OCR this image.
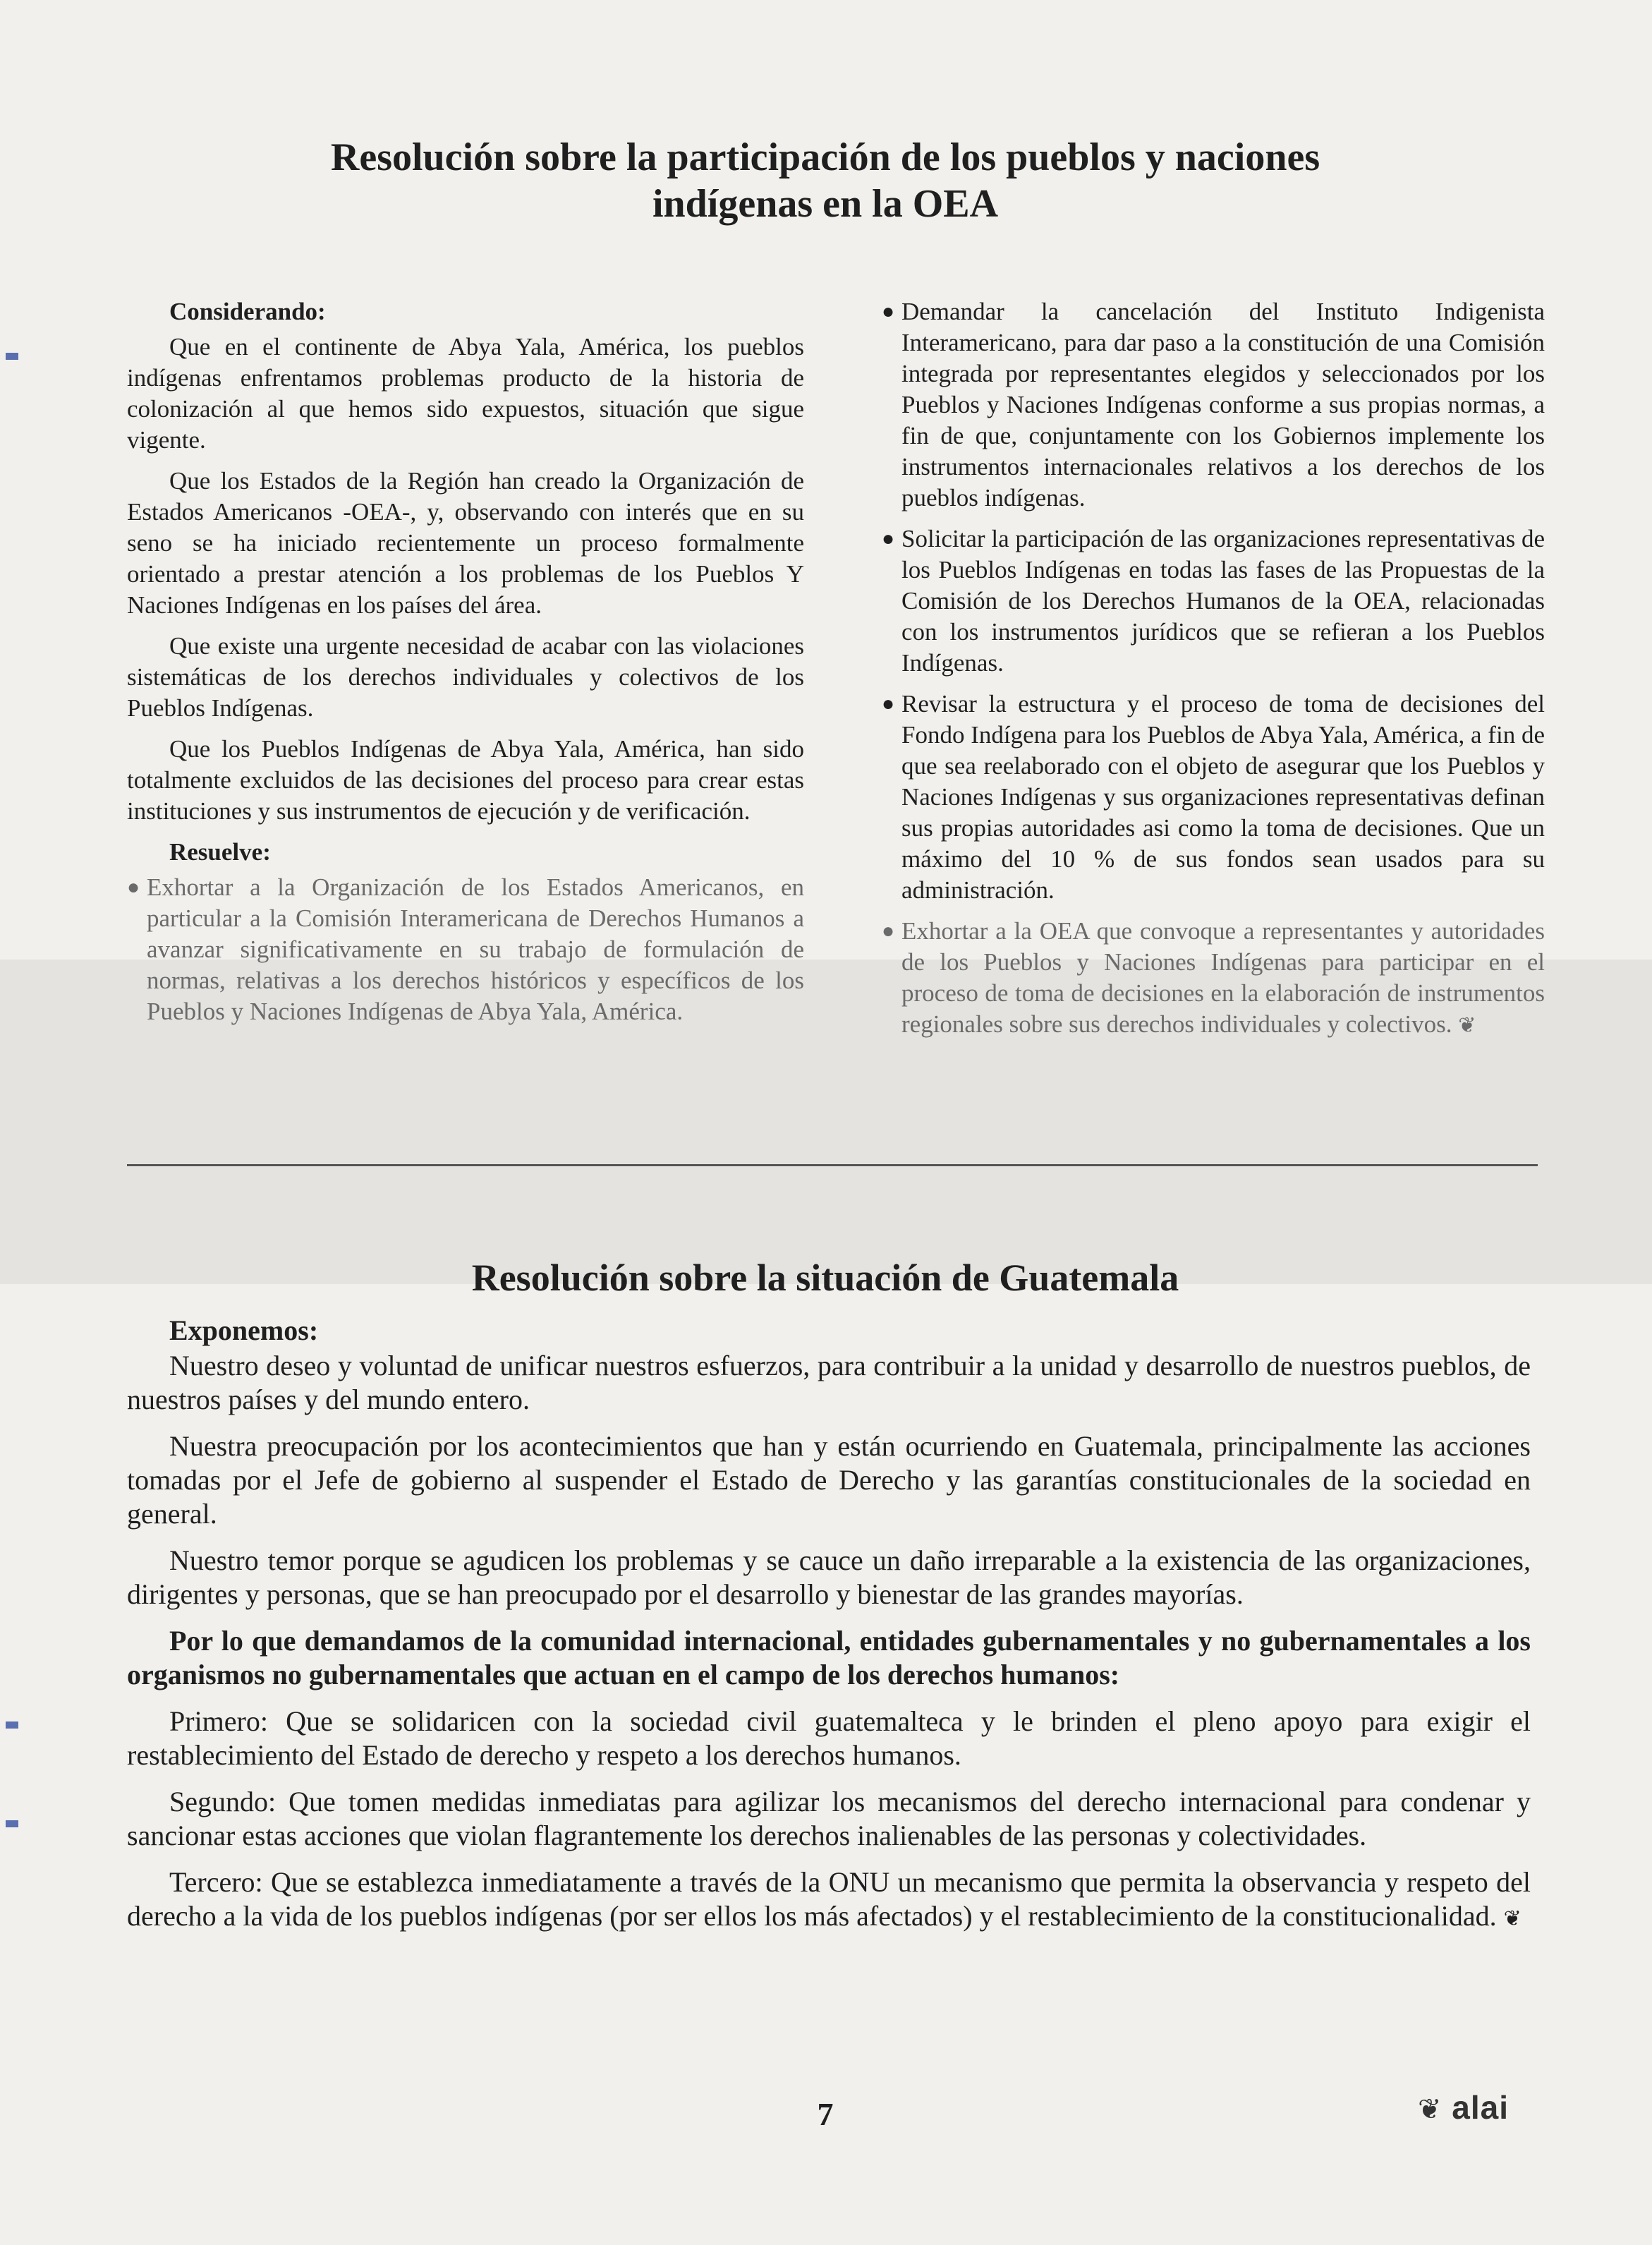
Resolución sobre la participación de los pueblos y naciones indígenas en la OEA
Considerando:

Que en el continente de Abya Yala, América, los pueblos indígenas enfrentamos problemas producto de la historia de colonización al que hemos sido expuestos, situación que sigue vigente.

Que los Estados de la Región han creado la Organización de Estados Americanos -OEA-, y, observando con interés que en su seno se ha iniciado recientemente un proceso formalmente orientado a prestar atención a los problemas de los Pueblos Y Naciones Indígenas en los países del área.

Que existe una urgente necesidad de acabar con las violaciones sistemáticas de los derechos individuales y colectivos de los Pueblos Indígenas.

Que los Pueblos Indígenas de Abya Yala, América, han sido totalmente excluidos de las decisiones del proceso para crear estas instituciones y sus instrumentos de ejecución y de verificación.

Resuelve:
● Exhortar a la Organización de los Estados Americanos, en particular a la Comisión Interamericana de Derechos Humanos a avanzar significativamente en su trabajo de formulación de normas, relativas a los derechos históricos y específicos de los Pueblos y Naciones Indígenas de Abya Yala, América.
● Demandar la cancelación del Instituto Indigenista Interamericano, para dar paso a la constitución de una Comisión integrada por representantes elegidos y seleccionados por los Pueblos y Naciones Indígenas conforme a sus propias normas, a fin de que, conjuntamente con los Gobiernos implemente los instrumentos internacionales relativos a los derechos de los pueblos indígenas.
● Solicitar la participación de las organizaciones representativas de los Pueblos Indígenas en todas las fases de las Propuestas de la Comisión de los Derechos Humanos de la OEA, relacionadas con los instrumentos jurídicos que se refieran a los Pueblos Indígenas.
● Revisar la estructura y el proceso de toma de decisiones del Fondo Indígena para los Pueblos de Abya Yala, América, a fin de que sea reelaborado con el objeto de asegurar que los Pueblos y Naciones Indígenas y sus organizaciones representativas definan sus propias autoridades asi como la toma de decisiones. Que un máximo del 10 % de sus fondos sean usados para su administración.
● Exhortar a la OEA que convoque a representantes y autoridades de los Pueblos y Naciones Indígenas para participar en el proceso de toma de decisiones en la elaboración de instrumentos regionales sobre sus derechos individuales y colectivos. ❦
Resolución sobre la situación de Guatemala
Exponemos:

Nuestro deseo y voluntad de unificar nuestros esfuerzos, para contribuir a la unidad y desarrollo de nuestros pueblos, de nuestros países y del mundo entero.

Nuestra preocupación por los acontecimientos que han y están ocurriendo en Guatemala, principalmente las acciones tomadas por el Jefe de gobierno al suspender el Estado de Derecho y las garantías constitucionales de la sociedad en general.

Nuestro temor porque se agudicen los problemas y se cauce un daño irreparable a la existencia de las organizaciones, dirigentes y personas, que se han preocupado por el desarrollo y bienestar de las grandes mayorías.

Por lo que demandamos de la comunidad internacional, entidades gubernamentales y no gubernamentales a los organismos no gubernamentales que actuan en el campo de los derechos humanos:

Primero: Que se solidaricen con la sociedad civil guatemalteca y le brinden el pleno apoyo para exigir el restablecimiento del Estado de derecho y respeto a los derechos humanos.

Segundo: Que tomen medidas inmediatas para agilizar los mecanismos del derecho internacional para condenar y sancionar estas acciones que violan flagrantemente los derechos inalienables de las personas y colectividades.

Tercero: Que se establezca inmediatamente a través de la ONU un mecanismo que permita la observancia y respeto del derecho a la vida de los pueblos indígenas (por ser ellos los más afectados) y el restablecimiento de la constitucionalidad. ❦

7	❦ alai
